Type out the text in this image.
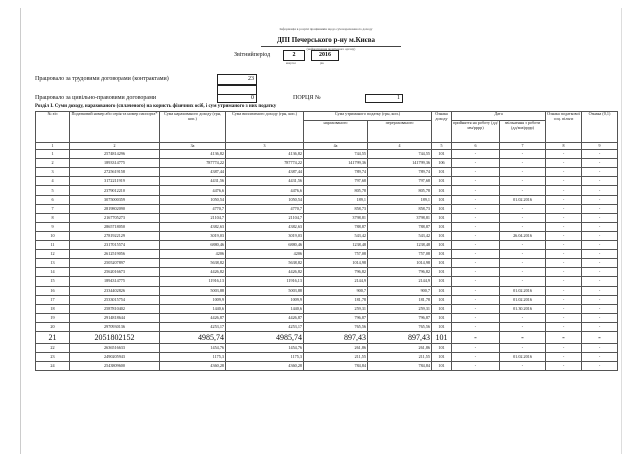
Інформація в розрізі працівників щодо сум нарахованого доходу
ДПІ Печерського р-ну м.Києва
(найменування податкового органу)
Звітнийперіод	2	2016
квартал	рік
Працювало за трудовими договорами (контрактами)	23
Працювало за цивільно-правовими договорами	0	ПОРЦЯ №	1
Розділ І. Суми доходу, нарахованого (сплаченого) на користь фізичних осіб, і сум утриманого з них податку
№ з/п	Податковий номер або серія та номер паспорта*	Сума нарахованого доходу (грн, коп.)	Сума виплаченого доходу (грн, коп.)	Сума утриманого податку (грн, коп.)		Ознака доходу	Дата		Ознака податкової соц. пільги	Ознака (0,1)
				нарахованого	перерахованого		прийняття на роботу (дд/мм/рррр)	звільнення з роботи (дд/мм/рррр)		
1	2	3а	3	4а	4	5	6	7	8	9
1	2574814296	4136,82	4136,82	744,55	744,55	101	-	-	-	-
2	1893314775	787774,22	787774,22	141799,36	141799,36	106	-	-	-	-
3	2725619158	4387,44	4387,44	789,74	789,74	101	-	-	-	-
4	3172211919	4431,56	4431,56	797,68	797,68	101	-	-	-	-
5	2379012210	4476,6	4476,6	805,78	805,78	101	-	-	-	-
6	3075000359	1050,54	1050,54	189,1	189,1	101	-	01.02.2016	-	-
7	2819802090	4770,7	4770,7	858,73	858,73	101	-	-	-	-
8	2167705273	21104,7	21104,7	3798,81	3798,81	101	-	-	-	-
9	2865718050	4382,63	4382,63	788,87	788,87	101	-	-	-	-
10	2781922129	3019,03	3019,03	543,42	543,42	101	-	26.04.2016	-	-
11	2317015574	6880,46	6880,46	1238,48	1238,48	101	-	-	-	-
12	2612519056	4206	4206	757,08	757,08	101	-	-	-	-
13	2505207897	5638,82	5638,82	1014,98	1014,98	101	-	-	-	-
14	2562016673	4426,82	4426,82	796,82	796,82	101	-	-	-	-
15	1894314775	11916,13	11916,13	2144,9	2144,9	101	-	-	-	-
16	2334402826	5003,88	5003,88	900,7	900,7	101	-	01.02.2016	-	-
17	2533015754	1009,9	1009,9	181,78	181,78	101	-	01.02.2016	-	-
18	2587810402	1440,6	1440,6	259,31	259,31	101	-	01.30.2016	-	-
19	2914818644	4426,87	4426,87	796,87	796,87	101	-	-	-	-
20	2970930136	4253,17	4253,17	765,56	765,56	101	-	-	-	-
21	2051802152	4985,74	4985,74	897,43	897,43	101	-	-	-	-
22	2636516633	1454,76	1454,76	261,86	261,86	101	-	-	-	-
23	2490205943	1175,3	1175,3	211,55	211,55	101	-	01.02.2016	-	-
24	2543809600	4360,28	4360,28	784,84	784,84	101	-	-	-	-
